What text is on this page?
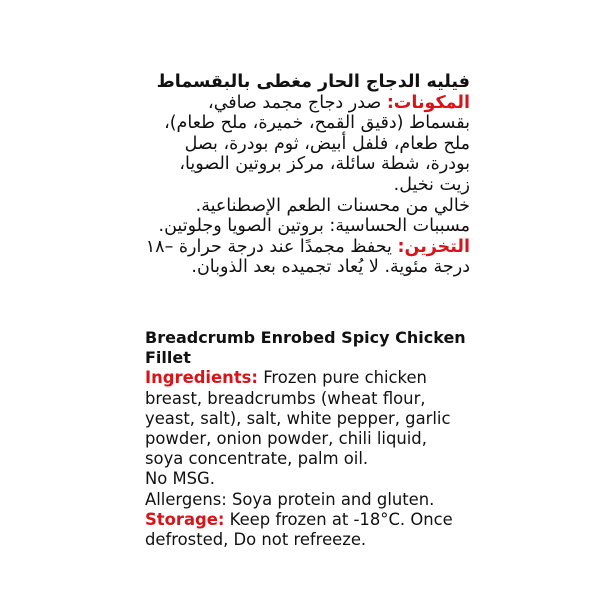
فيليه الدجاج الحار مغطى بالبقسماط

المكونات: صدر دجاج مجمد صافي، بقسماط (دقيق القمح، خميرة، ملح طعام)، ملح طعام، فلفل أبيض، ثوم بودرة، بصل بودرة، شطة سائلة، مركز بروتين الصويا، زيت نخيل.

خالي من محسنات الطعم الإصطناعية.

مسببات الحساسية: بروتين الصويا وجلوتين.

التخزين: يحفظ مجمدًا عند درجة حرارة –١٨ درجة مئوية. لا يُعاد تجميده بعد الذوبان.

Breadcrumb Enrobed Spicy Chicken Fillet

Ingredients: Frozen pure chicken breast, breadcrumbs (wheat flour, yeast, salt), salt, white pepper, garlic powder, onion powder, chili liquid, soya concentrate, palm oil.

No MSG.

Allergens: Soya protein and gluten.

Storage: Keep frozen at -18°C. Once defrosted, Do not refreeze.
